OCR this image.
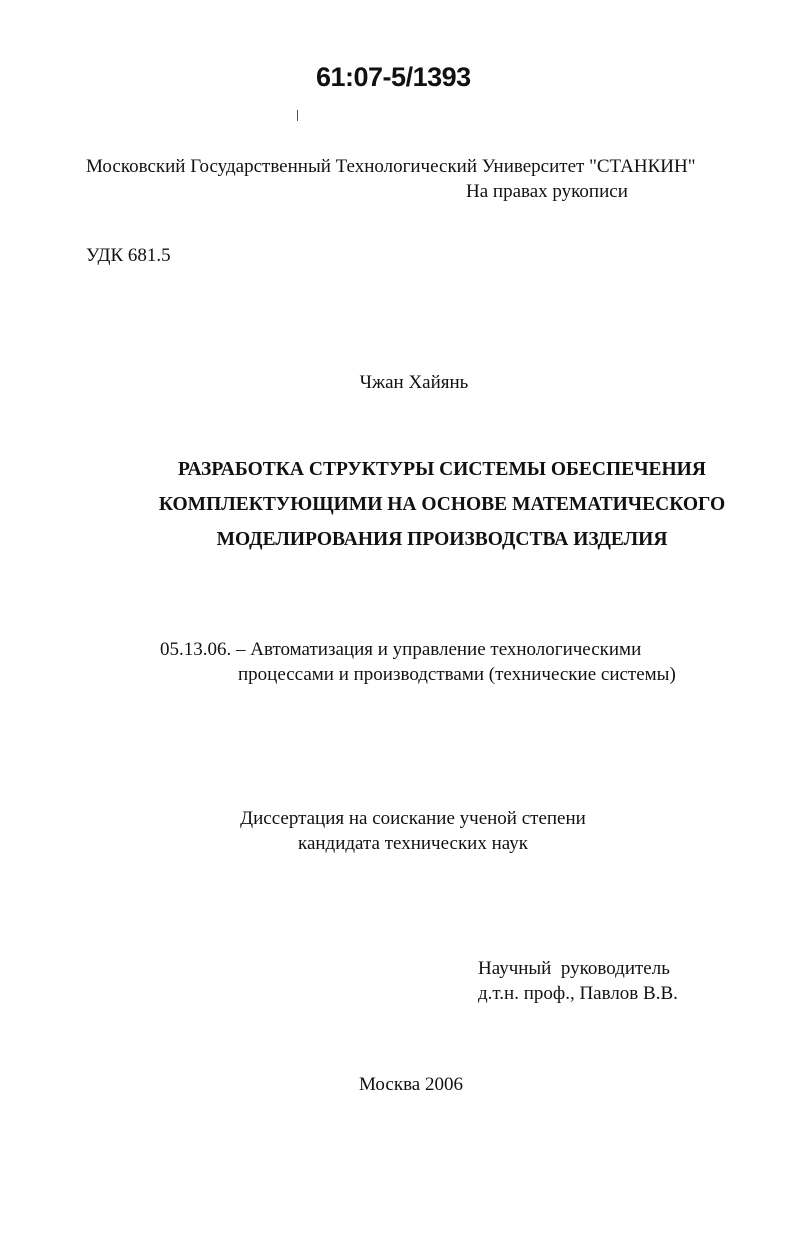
61:07-5/1393
Московский Государственный Технологический Университет "СТАНКИН"
На правах рукописи
УДК 681.5
Чжан Хайянь
РАЗРАБОТКА СТРУКТУРЫ СИСТЕМЫ ОБЕСПЕЧЕНИЯ
КОМПЛЕКТУЮЩИМИ НА ОСНОВЕ МАТЕМАТИЧЕСКОГО
МОДЕЛИРОВАНИЯ ПРОИЗВОДСТВА ИЗДЕЛИЯ
05.13.06. – Автоматизация и управление технологическими
процессами и производствами (технические системы)
Диссертация на соискание ученой степени
кандидата технических наук
Научный  руководитель
д.т.н. проф., Павлов В.В.
Москва 2006
